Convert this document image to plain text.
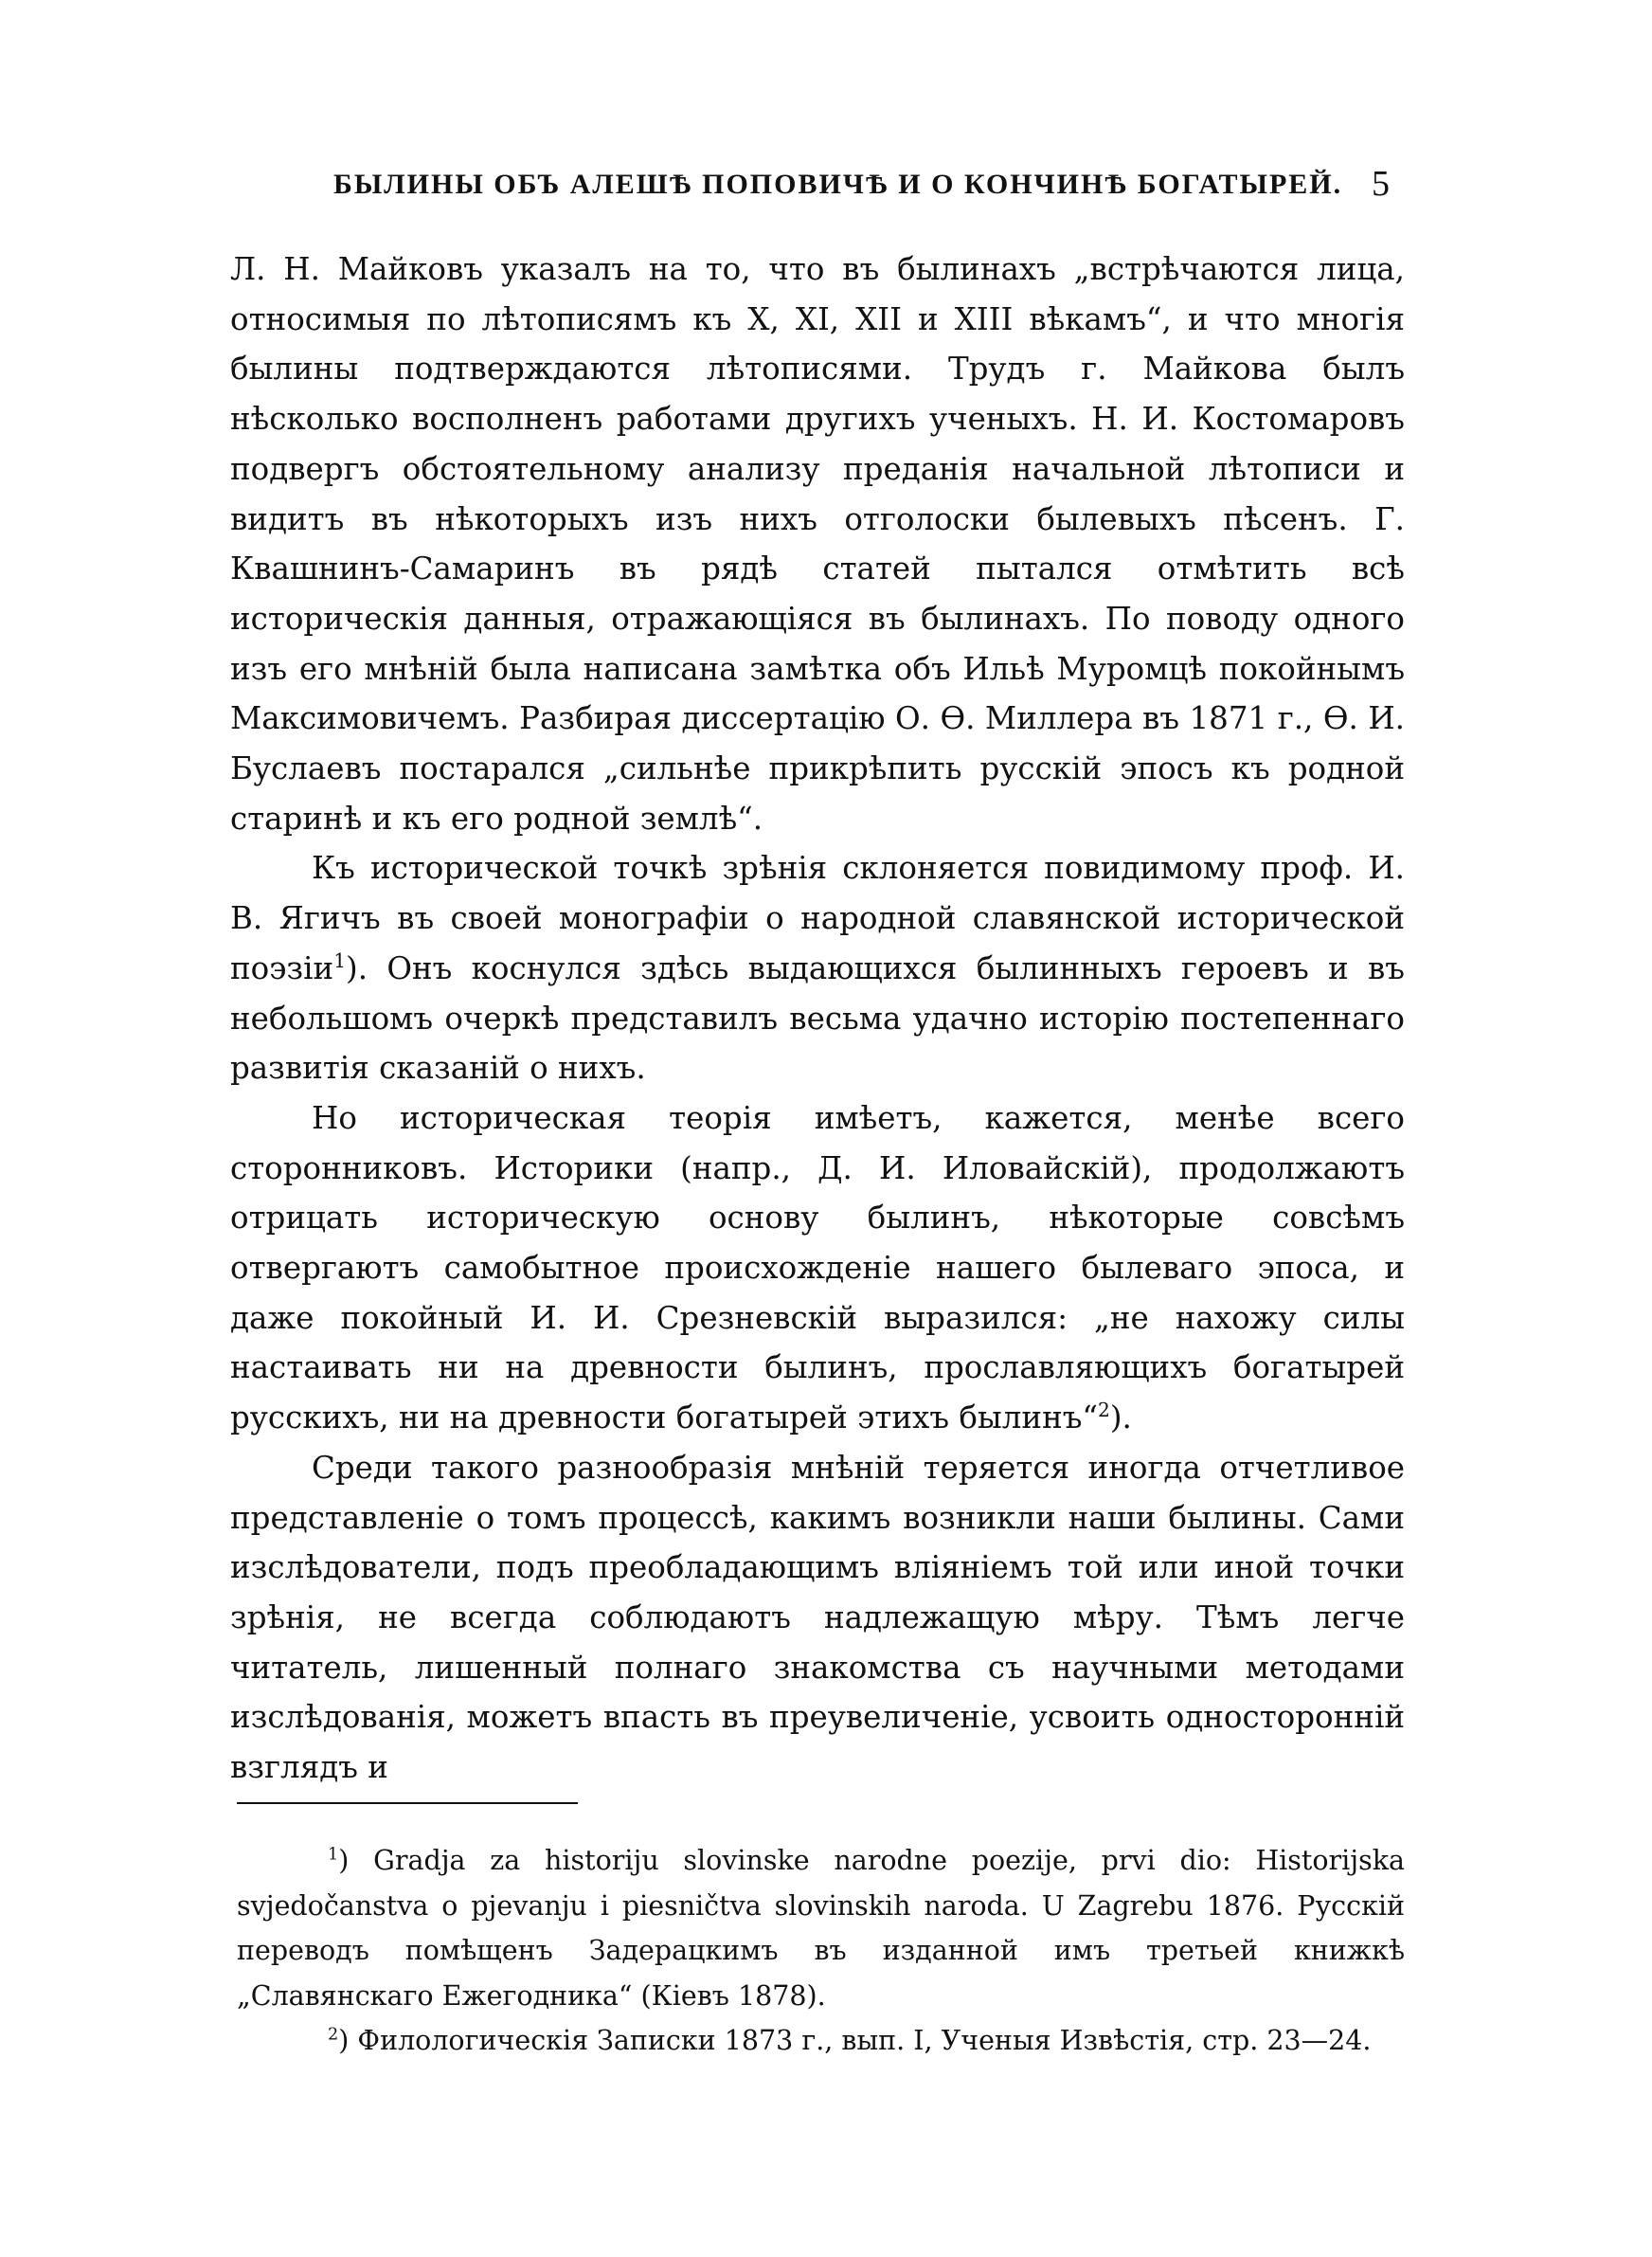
БЫЛИНЫ ОБЪ АЛЕШѢ ПОПОВИЧѢ И О КОНЧИНѢ БОГАТЫРЕЙ. 5

Л. Н. Майковъ указалъ на то, что въ былинахъ „встрѣчаются лица, относимыя по лѣтописямъ къ X, XI, XII и XIII вѣкамъ“, и что многія былины подтверждаются лѣтописями. Трудъ г. Майкова былъ нѣсколько восполненъ работами другихъ ученыхъ. Н. И. Костомаровъ подвергъ обстоятельному анализу преданія начальной лѣтописи и видитъ въ нѣкоторыхъ изъ нихъ отголоски былевыхъ пѣсенъ. Г. Квашнинъ-Самаринъ въ рядѣ статей пытался отмѣтить всѣ историческія данныя, отражающіяся въ былинахъ. По поводу одного изъ его мнѣній была написана замѣтка объ Ильѣ Муромцѣ покойнымъ Максимовичемъ. Разбирая диссертацію О. Ѳ. Миллера въ 1871 г., Ѳ. И. Буслаевъ постарался „сильнѣе прикрѣпить русскій эпосъ къ родной старинѣ и къ его родной землѣ“.

Къ исторической точкѣ зрѣнія склоняется повидимому проф. И. В. Ягичъ въ своей монографіи о народной славянской исторической поэзіи$^1$). Онъ коснулся здѣсь выдающихся былинныхъ героевъ и въ небольшомъ очеркѣ представилъ весьма удачно исторію постепеннаго развитія сказаній о нихъ.

Но историческая теорія имѣетъ, кажется, менѣе всего сторонниковъ. Историки (напр., Д. И. Иловайскій), продолжаютъ отрицать историческую основу былинъ, нѣкоторые совсѣмъ отвергаютъ самобытное происхожденіе нашего былеваго эпоса, и даже покойный И. И. Срезневскій выразился: „не нахожу силы настаивать ни на древности былинъ, прославляющихъ богатырей русскихъ, ни на древности богатырей этихъ былинъ“$^2$).

Среди такого разнообразія мнѣній теряется иногда отчетливое представленіе о томъ процессѣ, какимъ возникли наши былины. Сами изслѣдователи, подъ преобладающимъ вліяніемъ той или иной точки зрѣнія, не всегда соблюдаютъ надлежащую мѣру. Тѣмъ легче читатель, лишенный полнаго знакомства съ научными методами изслѣдованія, можетъ впасть въ преувеличеніе, усвоить односторонній взглядъ и

$^1$) Gradja za historiju slovinske narodne poezije, prvi dio: Historijska svjedočanstva o pjevanju i piesničtva slovinskih naroda. U Zagrebu 1876. Русскій переводъ помѣщенъ Задерацкимъ въ изданной имъ третьей книжкѣ „Славянскаго Ежегодника“ (Кіевъ 1878).

$^2$) Филологическія Записки 1873 г., вып. I, Ученыя Извѣстія, стр. 23—24.
